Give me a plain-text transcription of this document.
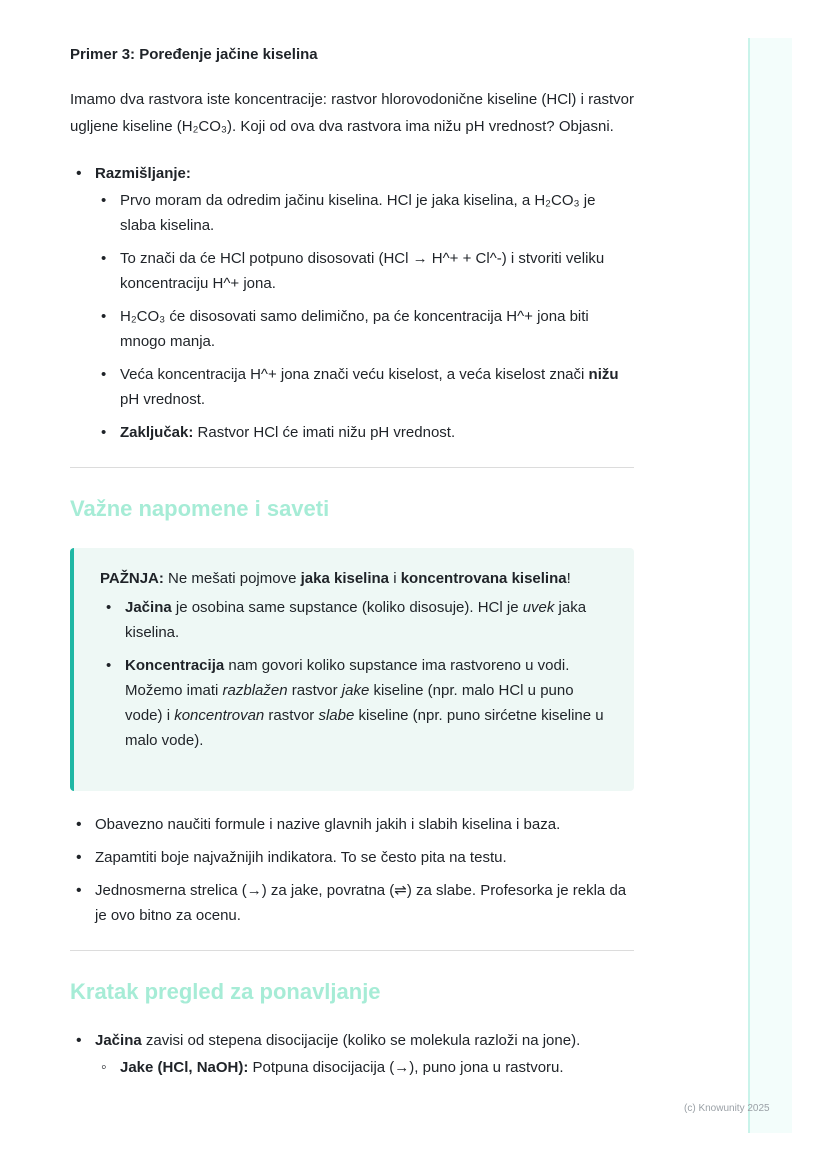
Primer 3: Poređenje jačine kiselina

Imamo dva rastvora iste koncentracije: rastvor hlorovodonične kiseline (HCl) i rastvor ugljene kiseline (H₂CO₃). Koji od ova dva rastvora ima nižu pH vrednost? Objasni.

• Razmišljanje:
• Prvo moram da odredim jačinu kiselina. HCl je jaka kiselina, a H₂CO₃ je slaba kiselina.
• To znači da će HCl potpuno disosovati (HCl → H^+ + Cl^-) i stvoriti veliku koncentraciju H^+ jona.
• H₂CO₃ će disosovati samo delimično, pa će koncentracija H^+ jona biti mnogo manja.
• Veća koncentracija H^+ jona znači veću kiselost, a veća kiselost znači nižu pH vrednost.
• Zaključak: Rastvor HCl će imati nižu pH vrednost.
Važne napomene i saveti
PAŽNJA: Ne mešati pojmove jaka kiselina i koncentrovana kiselina!
• Jačina je osobina same supstance (koliko disosuje). HCl je uvek jaka kiselina.
• Koncentracija nam govori koliko supstance ima rastvoreno u vodi. Možemo imati razblažen rastvor jake kiseline (npr. malo HCl u puno vode) i koncentrovan rastvor slabe kiseline (npr. puno sirćetne kiseline u malo vode).
• Obavezno naučiti formule i nazive glavnih jakih i slabih kiselina i baza.
• Zapamtiti boje najvažnijih indikatora. To se često pita na testu.
• Jednosmerna strelica (→) za jake, povratna (⇌) za slabe. Profesorka je rekla da je ovo bitno za ocenu.
Kratak pregled za ponavljanje
• Jačina zavisi od stepena disocijacije (koliko se molekula razloži na jone).
◦ Jake (HCl, NaOH): Potpuna disocijacija (→), puno jona u rastvoru.
(c) Knowunity 2025
